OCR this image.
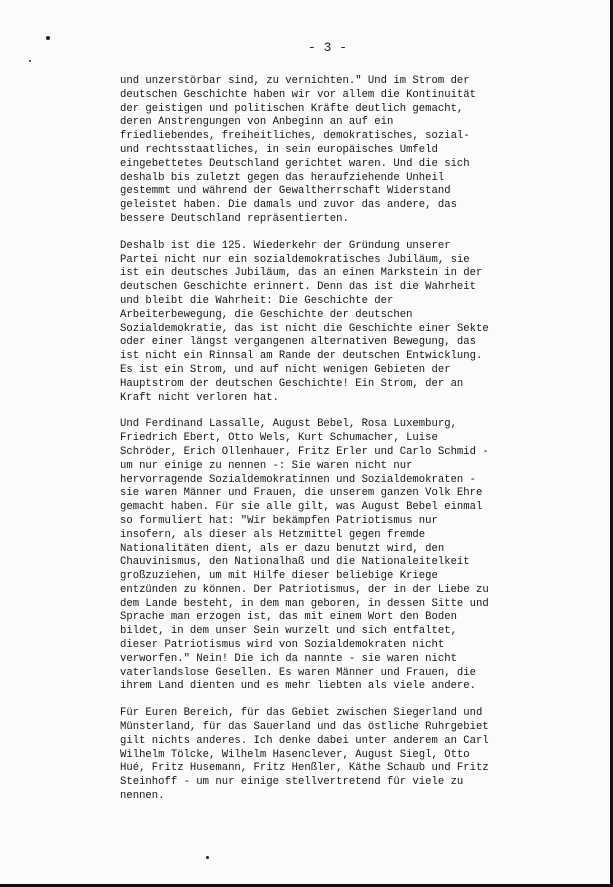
- 3 -
und unzerstörbar sind, zu vernichten." Und im Strom der
deutschen Geschichte haben wir vor allem die Kontinuität
der geistigen und politischen Kräfte deutlich gemacht,
deren Anstrengungen von Anbeginn an auf ein
friedliebendes, freiheitliches, demokratisches, sozial-
und rechtsstaatliches, in sein europäisches Umfeld
eingebettetes Deutschland gerichtet waren. Und die sich
deshalb bis zuletzt gegen das heraufziehende Unheil
gestemmt und während der Gewaltherrschaft Widerstand
geleistet haben. Die damals und zuvor das andere, das
bessere Deutschland repräsentierten.
Deshalb ist die 125. Wiederkehr der Gründung unserer
Partei nicht nur ein sozialdemokratisches Jubiläum, sie
ist ein deutsches Jubiläum, das an einen Markstein in der
deutschen Geschichte erinnert. Denn das ist die Wahrheit
und bleibt die Wahrheit: Die Geschichte der
Arbeiterbewegung, die Geschichte der deutschen
Sozialdemokratie, das ist nicht die Geschichte einer Sekte
oder einer längst vergangenen alternativen Bewegung, das
ist nicht ein Rinnsal am Rande der deutschen Entwicklung.
Es ist ein Strom, und auf nicht wenigen Gebieten der
Hauptstrom der deutschen Geschichte! Ein Strom, der an
Kraft nicht verloren hat.
Und Ferdinand Lassalle, August Bebel, Rosa Luxemburg,
Friedrich Ebert, Otto Wels, Kurt Schumacher, Luise
Schröder, Erich Ollenhauer, Fritz Erler und Carlo Schmid -
um nur einige zu nennen -: Sie waren nicht nur
hervorragende Sozialdemokratinnen und Sozialdemokraten -
sie waren Männer und Frauen, die unserem ganzen Volk Ehre
gemacht haben. Für sie alle gilt, was August Bebel einmal
so formuliert hat: "Wir bekämpfen Patriotismus nur
insofern, als dieser als Hetzmittel gegen fremde
Nationalitäten dient, als er dazu benutzt wird, den
Chauvinismus, den Nationalhaß und die Nationaleitelkeit
großzuziehen, um mit Hilfe dieser beliebige Kriege
entzünden zu können. Der Patriotismus, der in der Liebe zu
dem Lande besteht, in dem man geboren, in dessen Sitte und
Sprache man erzogen ist, das mit einem Wort den Boden
bildet, in dem unser Sein wurzelt und sich entfaltet,
dieser Patriotismus wird von Sozialdemokraten nicht
verworfen." Nein! Die ich da nannte - sie waren nicht
vaterlandslose Gesellen. Es waren Männer und Frauen, die
ihrem Land dienten und es mehr liebten als viele andere.
Für Euren Bereich, für das Gebiet zwischen Siegerland und
Münsterland, für das Sauerland und das östliche Ruhrgebiet
gilt nichts anderes. Ich denke dabei unter anderem an Carl
Wilhelm Tölcke, Wilhelm Hasenclever, August Siegl, Otto
Hué, Fritz Husemann, Fritz Henßler, Käthe Schaub und Fritz
Steinhoff - um nur einige stellvertretend für viele zu
nennen.
